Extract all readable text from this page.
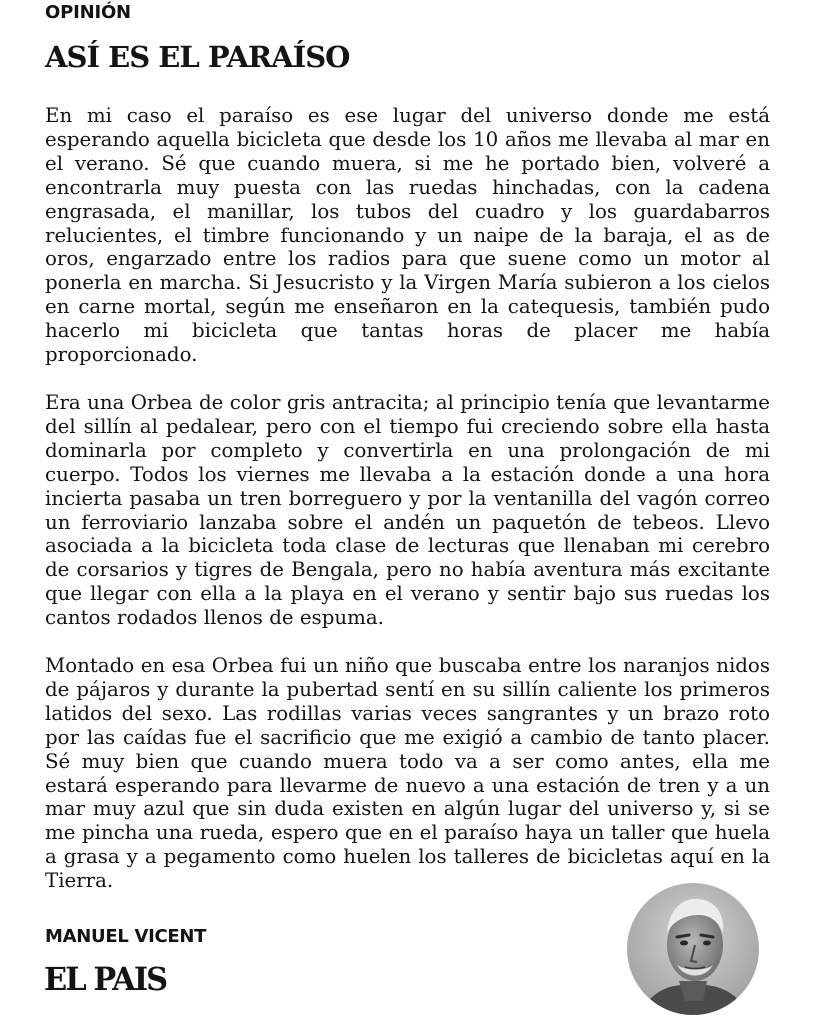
OPINIÓN
ASÍ ES EL PARAÍSO

En mi caso el paraíso es ese lugar del universo donde me está esperando aquella bicicleta que desde los 10 años me llevaba al mar en el verano. Sé que cuando muera, si me he portado bien, volveré a encontrarla muy puesta con las ruedas hinchadas, con la cadena engrasada, el manillar, los tubos del cuadro y los guardabarros relucientes, el timbre funcionando y un naipe de la baraja, el as de oros, engarzado entre los radios para que suene como un motor al ponerla en marcha. Si Jesucristo y la Virgen María subieron a los cielos en carne mortal, según me enseñaron en la catequesis, también pudo hacerlo mi bicicleta que tantas horas de placer me había proporcionado.

Era una Orbea de color gris antracita; al principio tenía que levantarme del sillín al pedalear, pero con el tiempo fui creciendo sobre ella hasta dominarla por completo y convertirla en una prolongación de mi cuerpo. Todos los viernes me llevaba a la estación donde a una hora incierta pasaba un tren borreguero y por la ventanilla del vagón correo un ferroviario lanzaba sobre el andén un paquetón de tebeos. Llevo asociada a la bicicleta toda clase de lecturas que llenaban mi cerebro de corsarios y tigres de Bengala, pero no había aventura más excitante que llegar con ella a la playa en el verano y sentir bajo sus ruedas los cantos rodados llenos de espuma.

Montado en esa Orbea fui un niño que buscaba entre los naranjos nidos de pájaros y durante la pubertad sentí en su sillín caliente los primeros latidos del sexo. Las rodillas varias veces sangrantes y un brazo roto por las caídas fue el sacrificio que me exigió a cambio de tanto placer. Sé muy bien que cuando muera todo va a ser como antes, ella me estará esperando para llevarme de nuevo a una estación de tren y a un mar muy azul que sin duda existen en algún lugar del universo y, si se me pincha una rueda, espero que en el paraíso haya un taller que huela a grasa y a pegamento como huelen los talleres de bicicletas aquí en la Tierra.

MANUEL VICENT
EL PAIS
